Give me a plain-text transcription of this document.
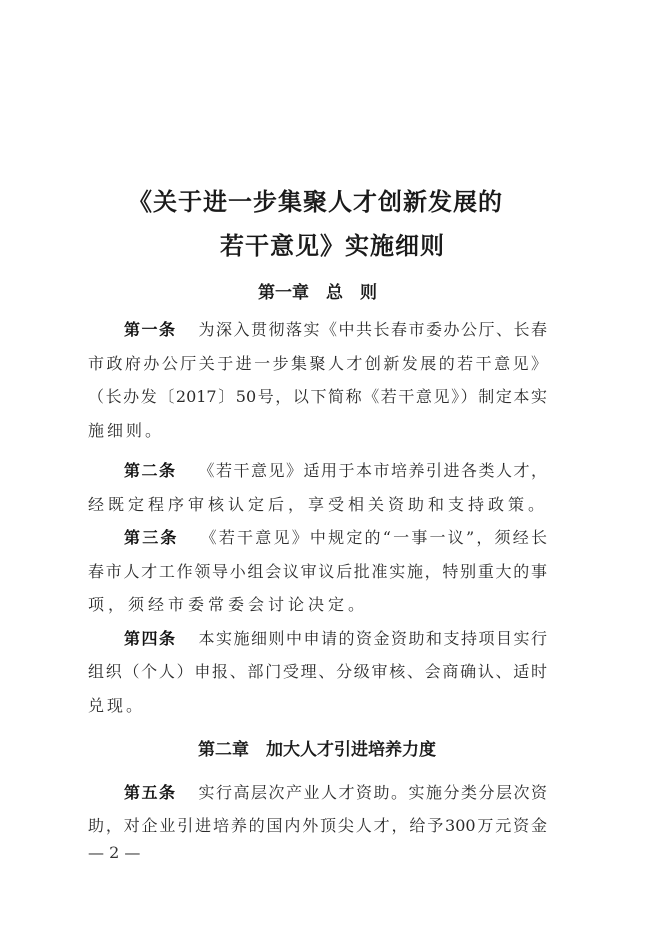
《关于进一步集聚人才创新发展的
若干意见》实施细则
第一章　总　则
第一条 为深入贯彻落实《中共长春市委办公厅、长春
市政府办公厅关于进一步集聚人才创新发展的若干意见》
（长办发〔2017〕50号，以下简称《若干意见》）制定本实
施细则。
第二条 《若干意见》适用于本市培养引进各类人才，
经既定程序审核认定后，享受相关资助和支持政策。
第三条 《若干意见》中规定的“一事一议”，须经长
春市人才工作领导小组会议审议后批准实施，特别重大的事
项，须经市委常委会讨论决定。
第四条 本实施细则中申请的资金资助和支持项目实行
组织（个人）申报、部门受理、分级审核、会商确认、适时
兑现。
第二章　加大人才引进培养力度
第五条 实行高层次产业人才资助。实施分类分层次资
助，对企业引进培养的国内外顶尖人才，给予300万元资金
— 2 —
